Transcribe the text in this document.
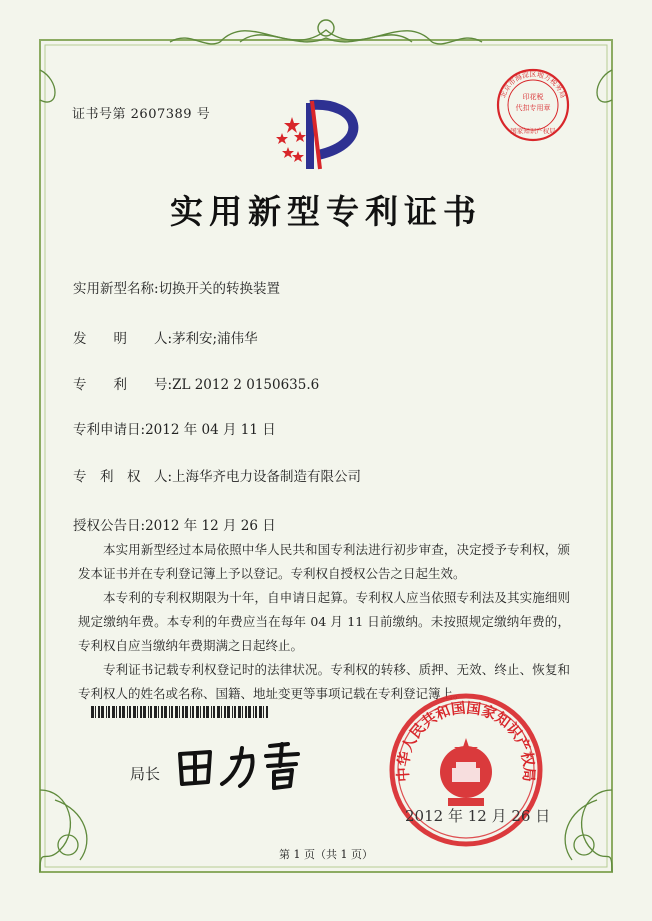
证书号第 2607389 号
实用新型专利证书
实用新型名称:切换开关的转换装置
发　　明　　人:茅利安;浦伟华
专　　利　　号:ZL 2012 2 0150635.6
专利申请日:2012 年 04 月 11 日
专　利　权　人:上海华齐电力设备制造有限公司
授权公告日:2012 年 12 月 26 日

本实用新型经过本局依照中华人民共和国专利法进行初步审查，决定授予专利权，颁发本证书并在专利登记簿上予以登记。专利权自授权公告之日起生效。

本专利的专利权期限为十年，自申请日起算。专利权人应当依照专利法及其实施细则规定缴纳年费。本专利的年费应当在每年 04 月 11 日前缴纳。未按照规定缴纳年费的，专利权自应当缴纳年费期满之日起终止。

专利证书记载专利权登记时的法律状况。专利权的转移、质押、无效、终止、恢复和专利权人的姓名或名称、国籍、地址变更等事项记载在专利登记簿上。

局长	中华人民共和国国家知识产权局
2012 年 12 月 26 日
北京市海淀区地方税务局
印花税
代扣专用章
国家知识产权局
第 1 页（共 1 页）
